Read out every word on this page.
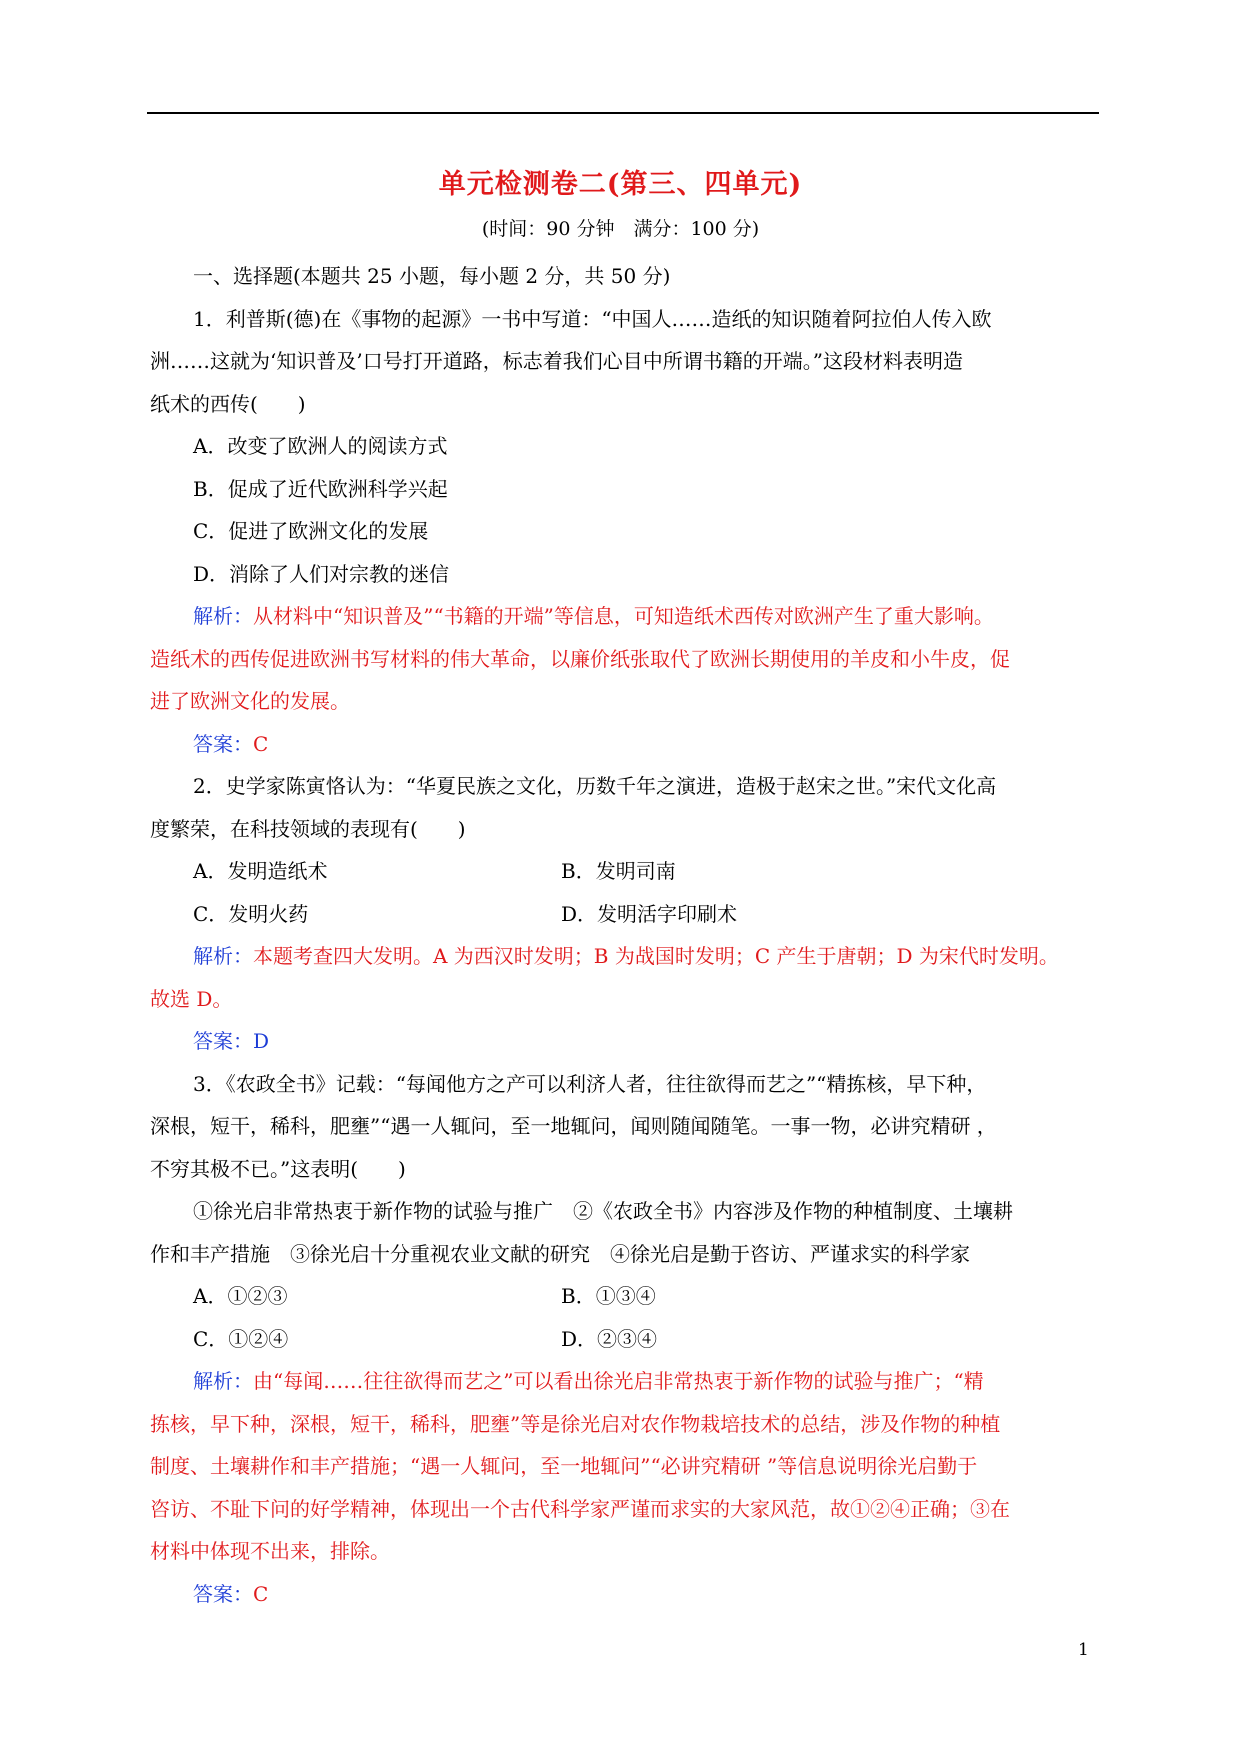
单元检测卷二(第三、四单元)
(时间：90 分钟　满分：100 分)

一、选择题(本题共 25 小题，每小题 2 分，共 50 分)

1．利普斯(德)在《事物的起源》一书中写道：“中国人……造纸的知识随着阿拉伯人传入欧

洲……这就为‘知识普及’口号打开道路，标志着我们心目中所谓书籍的开端。”这段材料表明造

纸术的西传(　　)

A．改变了欧洲人的阅读方式

B．促成了近代欧洲科学兴起

C．促进了欧洲文化的发展

D．消除了人们对宗教的迷信

解析：从材料中“知识普及”“书籍的开端”等信息，可知造纸术西传对欧洲产生了重大影响。

造纸术的西传促进欧洲书写材料的伟大革命，以廉价纸张取代了欧洲长期使用的羊皮和小牛皮，促

进了欧洲文化的发展。

答案：C

2．史学家陈寅恪认为：“华夏民族之文化，历数千年之演进，造极于赵宋之世。”宋代文化高

度繁荣，在科技领域的表现有(　　)

A．发明造纸术	B．发明司南

C．发明火药	D．发明活字印刷术

解析：本题考查四大发明。A 为西汉时发明；B 为战国时发明；C 产生于唐朝；D 为宋代时发明。

故选 D。

答案：D

3．《农政全书》记载：“每闻他方之产可以利济人者，往往欲得而艺之”“精拣核，早下种，

深根，短干，稀科，肥壅”“遇一人辄问，至一地辄问，闻则随闻随笔。一事一物，必讲究精研 ，

不穷其极不已。”这表明(　　)

①徐光启非常热衷于新作物的试验与推广　②《农政全书》内容涉及作物的种植制度、土壤耕

作和丰产措施　③徐光启十分重视农业文献的研究　④徐光启是勤于咨访、严谨求实的科学家

A．①②③	B．①③④

C．①②④	D．②③④

解析：由“每闻……往往欲得而艺之”可以看出徐光启非常热衷于新作物的试验与推广；“精

拣核，早下种，深根，短干，稀科，肥壅”等是徐光启对农作物栽培技术的总结，涉及作物的种植

制度、土壤耕作和丰产措施；“遇一人辄问，至一地辄问”“必讲究精研 ”等信息说明徐光启勤于

咨访、不耻下问的好学精神，体现出一个古代科学家严谨而求实的大家风范，故①②④正确；③在

材料中体现不出来，排除。

答案：C

1
